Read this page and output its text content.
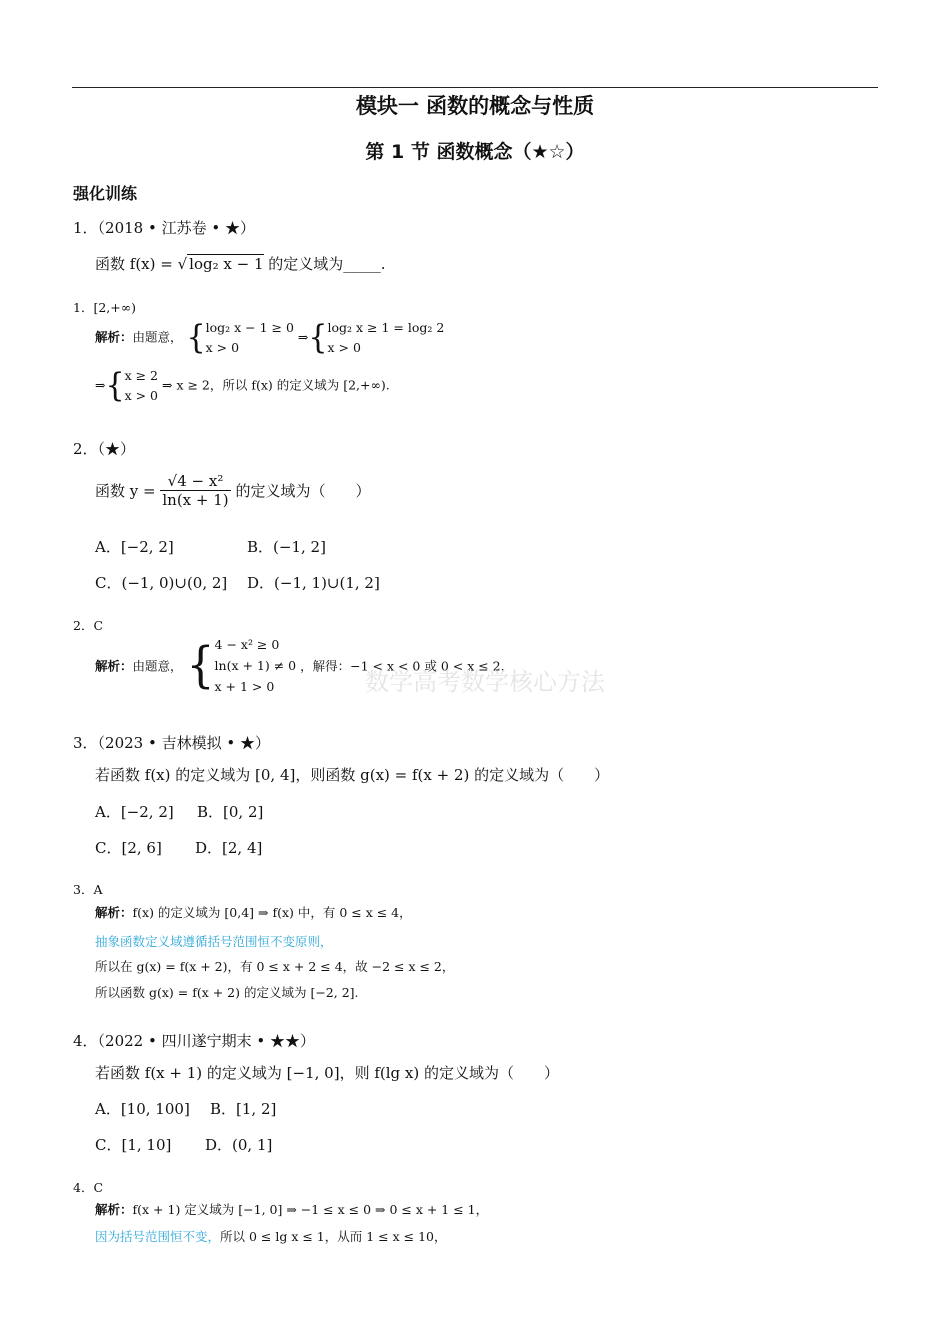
模块一 函数的概念与性质
第 1 节 函数概念（★☆）
强化训练
1．（2018 • 江苏卷 • ★）
函数 f(x) = √ log₂ x − 1 的定义域为_____.
1．[2,+∞)
解析：由题意， { log₂ x − 1 ≥ 0
x > 0
⇒{ log₂ x ≥ 1 = log₂ 2
x > 0
⇒{ x ≥ 2
x > 0
⇒ x ≥ 2，所以 f(x) 的定义域为 [2,+∞).
2．（★）
函数 $y = \frac{\text{√4 − x²}}{\ln(x + 1)}$ 的定义域为（　　）
A．[−2, 2]	B．(−1, 2]
C．(−1, 0)∪(0, 2] D．(−1, 1)∪(1, 2]
2．C
解析：由题意， { 4 − x² ≥ 0
ln(x + 1) ≠ 0
x + 1 > 0
，解得：−1 < x < 0 或 0 < x ≤ 2.
数学高考数学核心方法
3．（2023 • 吉林模拟 • ★）
若函数 f(x) 的定义域为 [0, 4]，则函数 g(x) = f(x + 2) 的定义域为（　　）
A．[−2, 2] B．[0, 2]
C．[2, 6] D．[2, 4]
3．A
解析：f(x) 的定义域为 [0,4] ⇒ f(x) 中，有 0 ≤ x ≤ 4，
抽象函数定义域遵循括号范围恒不变原则，
所以在 g(x) = f(x + 2)，有 0 ≤ x + 2 ≤ 4，故 −2 ≤ x ≤ 2，
所以函数 g(x) = f(x + 2) 的定义域为 [−2, 2].
4．（2022 • 四川遂宁期末 • ★★）
若函数 f(x + 1) 的定义域为 [−1, 0]，则 f(lg x) 的定义域为（　　）
A．[10, 100] B．[1, 2]
C．[1, 10] D．(0, 1]
4．C
解析：f(x + 1) 定义域为 [−1, 0] ⇒ −1 ≤ x ≤ 0 ⇒ 0 ≤ x + 1 ≤ 1，
因为括号范围恒不变，所以 0 ≤ lg x ≤ 1，从而 1 ≤ x ≤ 10，
